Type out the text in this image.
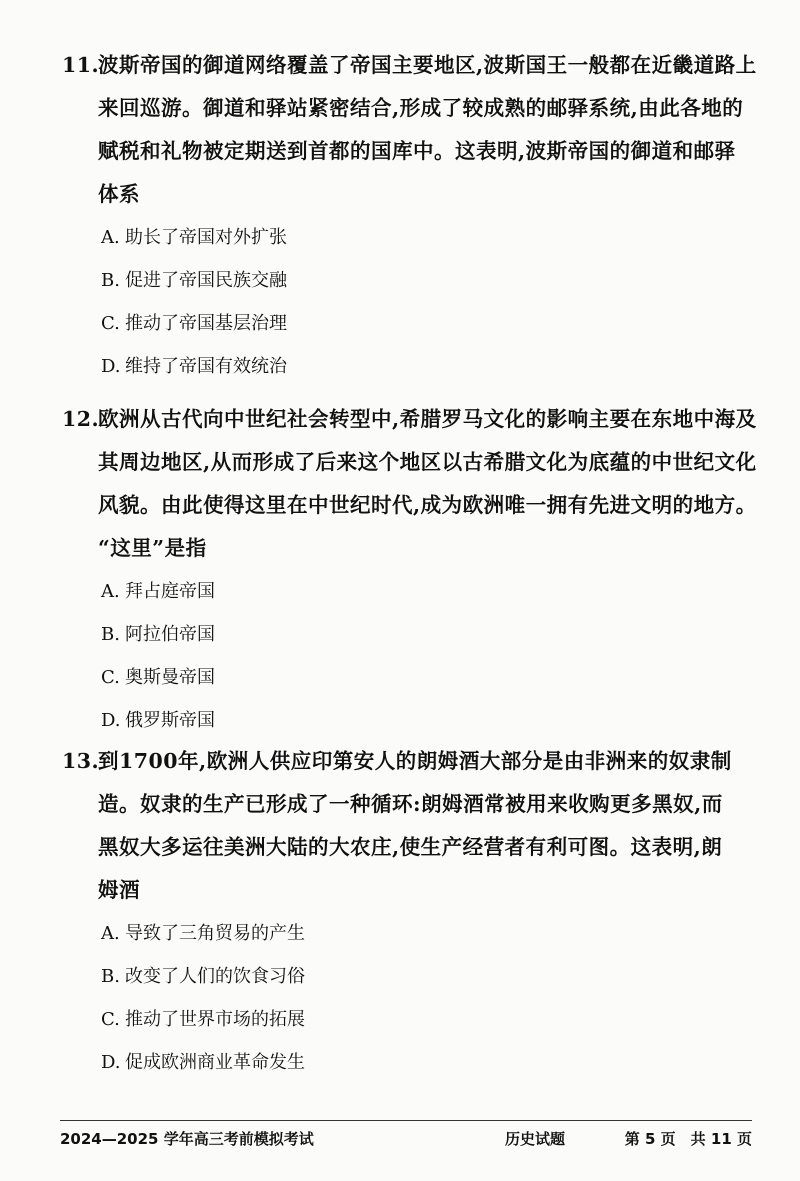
11.
波斯帝国的御道网络覆盖了帝国主要地区,波斯国王一般都在近畿道路上
来回巡游。御道和驿站紧密结合,形成了较成熟的邮驿系统,由此各地的
赋税和礼物被定期送到首都的国库中。这表明,波斯帝国的御道和邮驿
体系
A. 助长了帝国对外扩张
B. 促进了帝国民族交融
C. 推动了帝国基层治理
D. 维持了帝国有效统治
12.
欧洲从古代向中世纪社会转型中,希腊罗马文化的影响主要在东地中海及
其周边地区,从而形成了后来这个地区以古希腊文化为底蕴的中世纪文化
风貌。由此使得这里在中世纪时代,成为欧洲唯一拥有先进文明的地方。
“这里”是指
A. 拜占庭帝国
B. 阿拉伯帝国
C. 奥斯曼帝国
D. 俄罗斯帝国
13.
到1700年,欧洲人供应印第安人的朗姆酒大部分是由非洲来的奴隶制
造。奴隶的生产已形成了一种循环:朗姆酒常被用来收购更多黑奴,而
黑奴大多运往美洲大陆的大农庄,使生产经营者有利可图。这表明,朗
姆酒
A. 导致了三角贸易的产生
B. 改变了人们的饮食习俗
C. 推动了世界市场的拓展
D. 促成欧洲商业革命发生
2024—2025 学年高三考前模拟考试	历史试题	第 5 页　共 11 页
